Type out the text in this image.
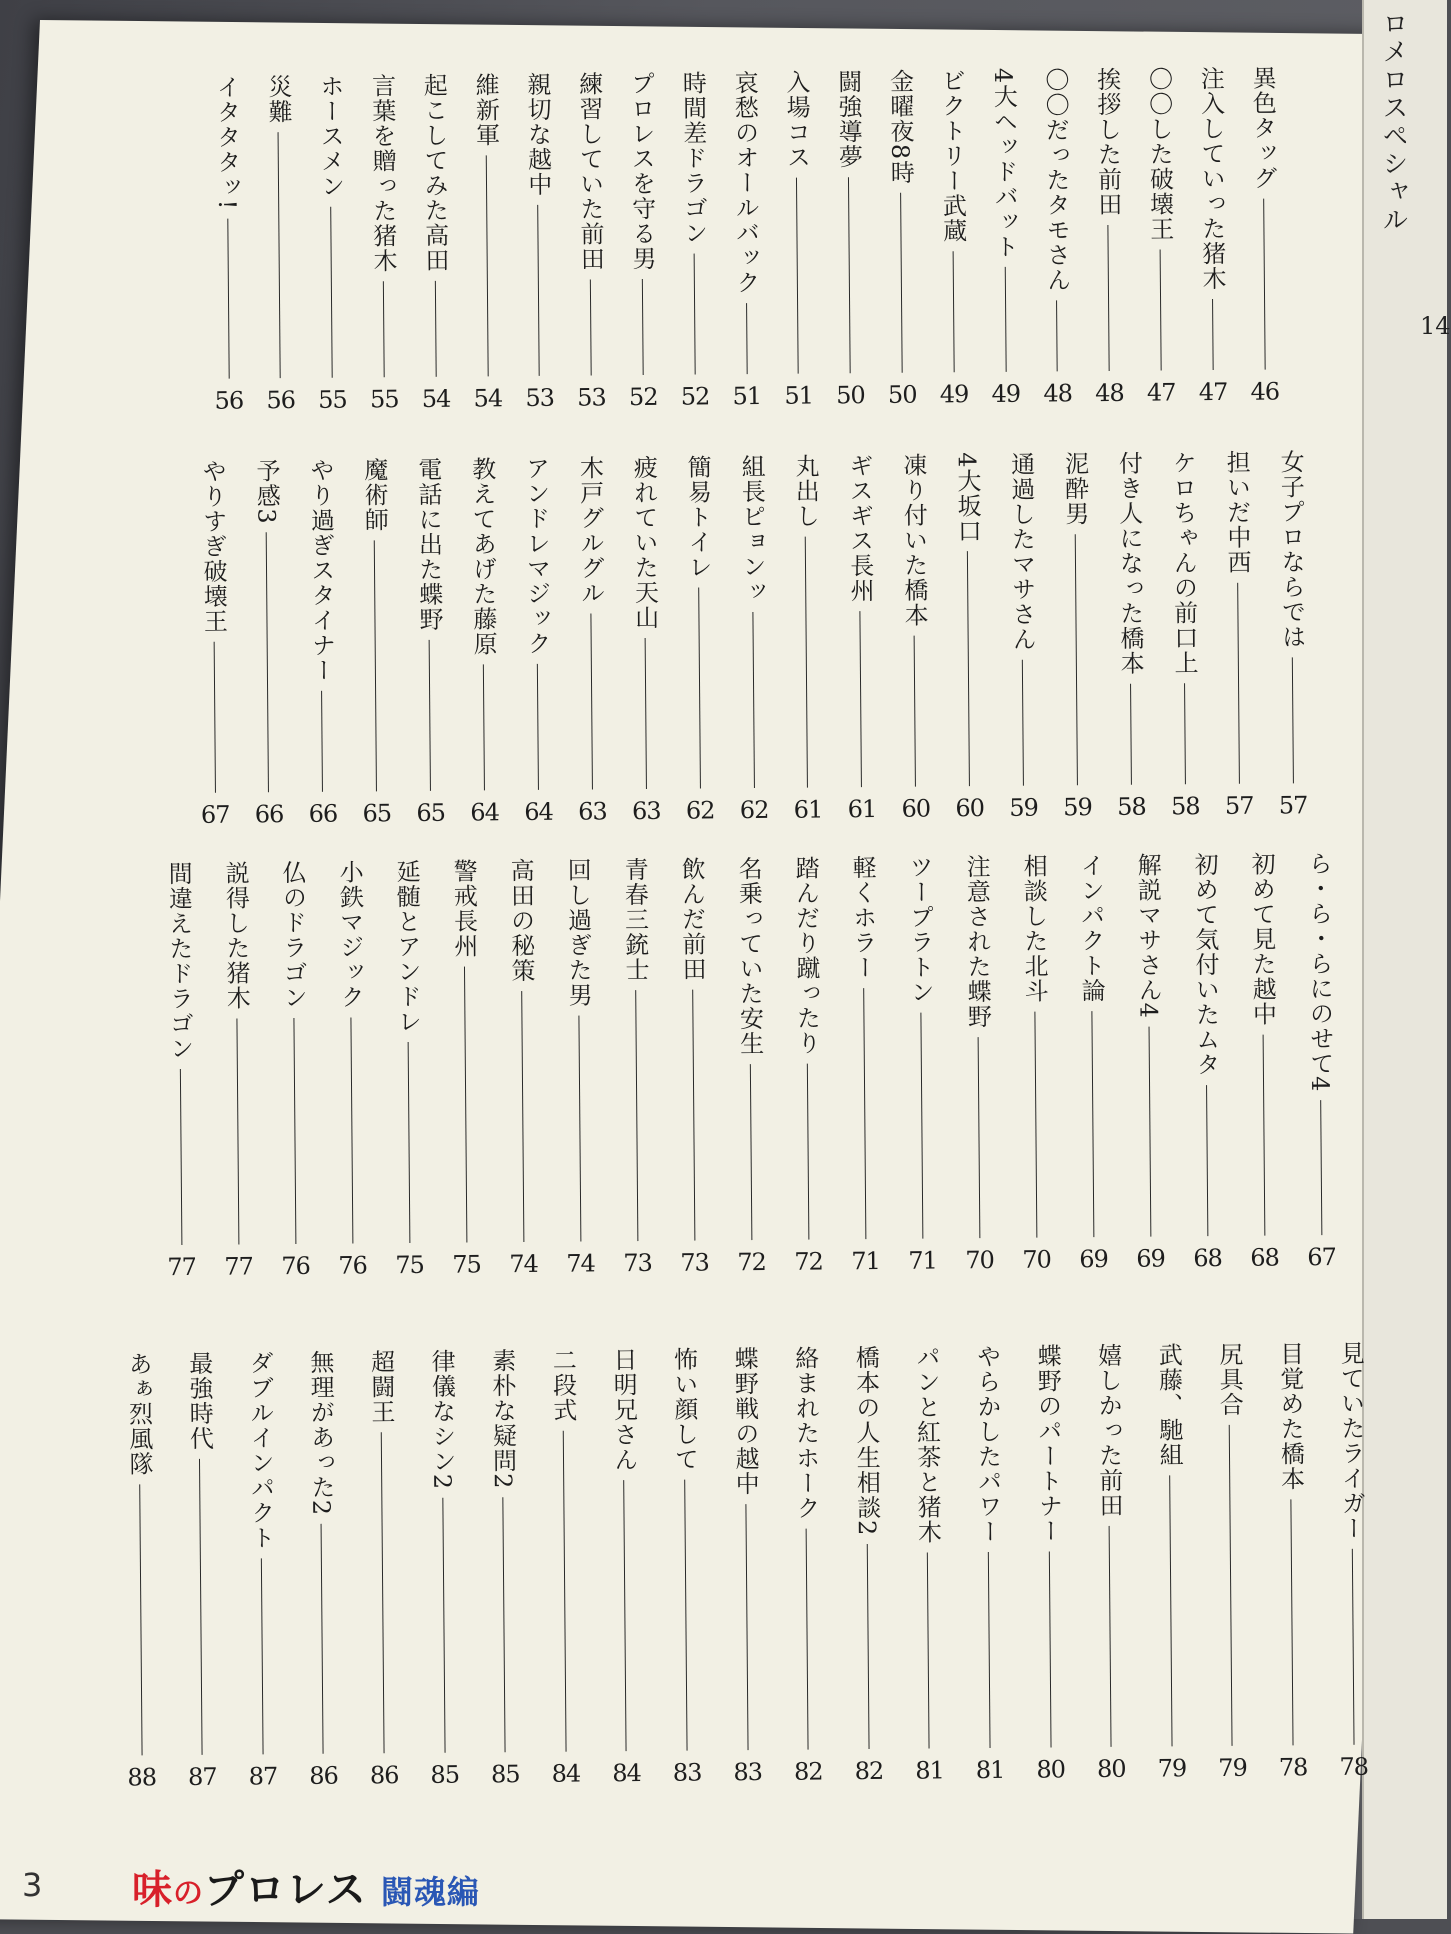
ロメロスペシャル
14
異色タッグ
46
注入していった猪木
47
〇〇した破壊王
47
挨拶した前田
48
〇〇だったタモさん
48
4大ヘッドバット
49
ビクトリー武蔵
49
金曜夜8時
50
闘強導夢
50
入場コス
51
哀愁のオールバック
51
時間差ドラゴン
52
プロレスを守る男
52
練習していた前田
53
親切な越中
53
維新軍
54
起こしてみた高田
54
言葉を贈った猪木
55
ホースメン
55
災難
56
イタタタッ!
56
女子プロならでは
57
担いだ中西
57
ケロちゃんの前口上
58
付き人になった橋本
58
泥酔男
59
通過したマサさん
59
4大坂口
60
凍り付いた橋本
60
ギスギス長州
61
丸出し
61
組長ピョンッ
62
簡易トイレ
62
疲れていた天山
63
木戸グルグル
63
アンドレマジック
64
教えてあげた藤原
64
電話に出た蝶野
65
魔術師
65
やり過ぎスタイナー
66
予感3
66
やりすぎ破壊王
67
ら・ら・らにのせて4
67
初めて見た越中
68
初めて気付いたムタ
68
解説マサさん4
69
インパクト論
69
相談した北斗
70
注意された蝶野
70
ツープラトン
71
軽くホラー
71
踏んだり蹴ったり
72
名乗っていた安生
72
飲んだ前田
73
青春三銃士
73
回し過ぎた男
74
高田の秘策
74
警戒長州
75
延髄とアンドレ
75
小鉄マジック
76
仏のドラゴン
76
説得した猪木
77
間違えたドラゴン
77
見ていたライガー
78
目覚めた橋本
78
尻具合
79
武藤、馳組
79
嬉しかった前田
80
蝶野のパートナー
80
やらかしたパワー
81
パンと紅茶と猪木
81
橋本の人生相談2
82
絡まれたホーク
82
蝶野戦の越中
83
怖い顔して
83
日明兄さん
84
二段式
84
素朴な疑問2
85
律儀なシン2
85
超闘王
86
無理があった2
86
ダブルインパクト
87
最強時代
87
あぁ烈風隊
88
3 味のプロレス 闘魂編
